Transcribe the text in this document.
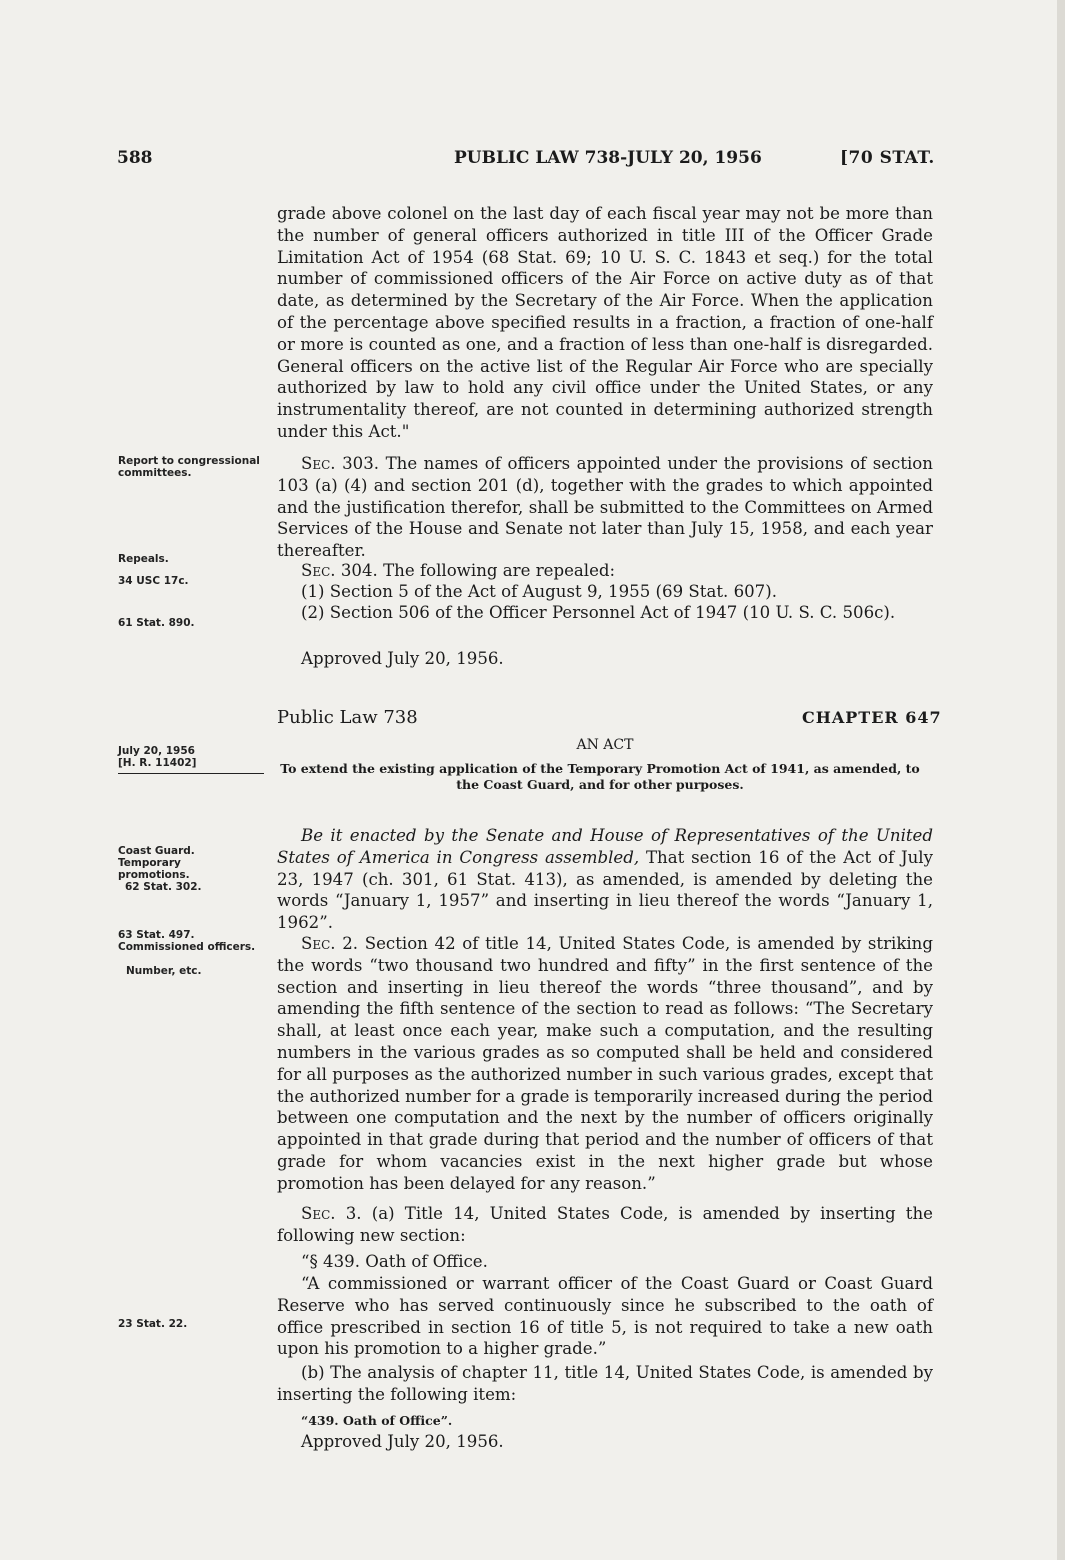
588	PUBLIC LAW 738-JULY 20, 1956	[70 STAT.
grade above colonel on the last day of each fiscal year may not be more than the number of general officers authorized in title III of the Officer Grade Limitation Act of 1954 (68 Stat. 69; 10 U. S. C. 1843 et seq.) for the total number of commissioned officers of the Air Force on active duty as of that date, as determined by the Secretary of the Air Force. When the application of the percentage above specified results in a fraction, a fraction of one-half or more is counted as one, and a fraction of less than one-half is disregarded. General officers on the active list of the Regular Air Force who are specially authorized by law to hold any civil office under the United States, or any instrumentality thereof, are not counted in determining authorized strength under this Act."
Sec. 303. The names of officers appointed under the provisions of section 103 (a) (4) and section 201 (d), together with the grades to which appointed and the justification therefor, shall be submitted to the Committees on Armed Services of the House and Senate not later than July 15, 1958, and each year thereafter.
Sec. 304. The following are repealed:
(1) Section 5 of the Act of August 9, 1955 (69 Stat. 607).
(2) Section 506 of the Officer Personnel Act of 1947 (10 U. S. C. 506c).
Approved July 20, 1956.
Public Law 738	CHAPTER 647
AN ACT
To extend the existing application of the Temporary Promotion Act of 1941, as amended, to the Coast Guard, and for other purposes.
Be it enacted by the Senate and House of Representatives of the United States of America in Congress assembled, That section 16 of the Act of July 23, 1947 (ch. 301, 61 Stat. 413), as amended, is amended by deleting the words “January 1, 1957” and inserting in lieu thereof the words “January 1, 1962”.
Sec. 2. Section 42 of title 14, United States Code, is amended by striking the words “two thousand two hundred and fifty” in the first sentence of the section and inserting in lieu thereof the words “three thousand”, and by amending the fifth sentence of the section to read as follows: “The Secretary shall, at least once each year, make such a computation, and the resulting numbers in the various grades as so computed shall be held and considered for all purposes as the authorized number in such various grades, except that the authorized number for a grade is temporarily increased during the period between one computation and the next by the number of officers originally appointed in that grade during that period and the number of officers of that grade for whom vacancies exist in the next higher grade but whose promotion has been delayed for any reason.”
Sec. 3. (a) Title 14, United States Code, is amended by inserting the following new section:
“§ 439. Oath of Office.
“A commissioned or warrant officer of the Coast Guard or Coast Guard Reserve who has served continuously since he subscribed to the oath of office prescribed in section 16 of title 5, is not required to take a new oath upon his promotion to a higher grade.”
(b) The analysis of chapter 11, title 14, United States Code, is amended by inserting the following item:
“439. Oath of Office”.
Approved July 20, 1956.
Report to congressional committees.
Repeals.
34 USC 17c.
61 Stat. 890.
July 20, 1956
[H. R. 11402]
Coast Guard. Temporary promotions.
62 Stat. 302.
63 Stat. 497.
Commissioned officers.
Number, etc.
23 Stat. 22.
